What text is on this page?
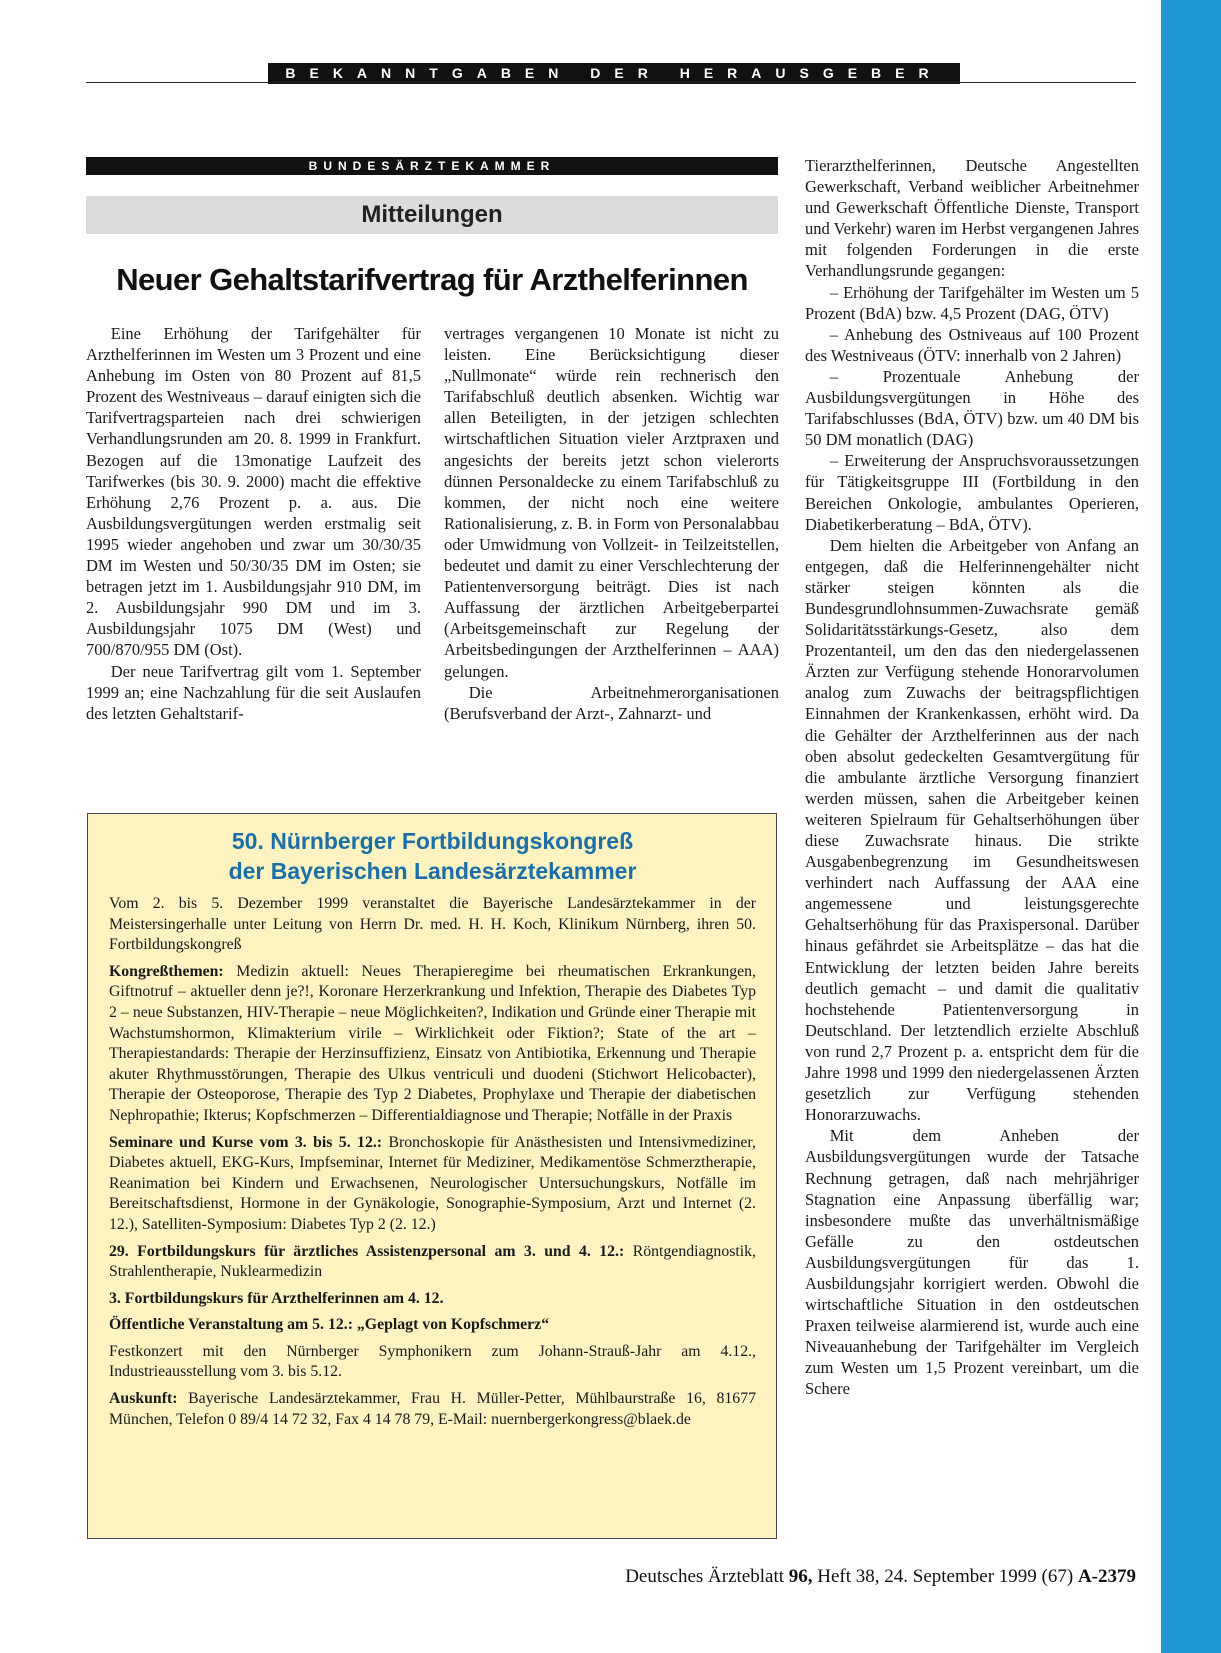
BEKANNTGABEN DER HERAUSGEBER
BUNDESÄRZTEKAMMER
Mitteilungen
Neuer Gehaltstarifvertrag für Arzthelferinnen

Eine Erhöhung der Tarifgehälter für Arzthelferinnen im Westen um 3 Prozent und eine Anhebung im Osten von 80 Prozent auf 81,5 Prozent des Westniveaus – darauf einigten sich die Tarifvertragsparteien nach drei schwierigen Verhandlungsrunden am 20. 8. 1999 in Frankfurt. Bezogen auf die 13monatige Laufzeit des Tarifwerkes (bis 30. 9. 2000) macht die effektive Erhöhung 2,76 Prozent p. a. aus. Die Ausbildungsvergütungen werden erstmalig seit 1995 wieder angehoben und zwar um 30/30/35 DM im Westen und 50/30/35 DM im Osten; sie betragen jetzt im 1. Ausbildungsjahr 910 DM, im 2. Ausbildungsjahr 990 DM und im 3. Ausbildungsjahr 1075 DM (West) und 700/870/955 DM (Ost).

Der neue Tarifvertrag gilt vom 1. September 1999 an; eine Nachzahlung für die seit Auslaufen des letzten Gehaltstarif-

vertrages vergangenen 10 Monate ist nicht zu leisten. Eine Berücksichtigung dieser „Nullmonate“ würde rein rechnerisch den Tarifabschluß deutlich absenken. Wichtig war allen Beteiligten, in der jetzigen schlechten wirtschaftlichen Situation vieler Arztpraxen und angesichts der bereits jetzt schon vielerorts dünnen Personaldecke zu einem Tarifabschluß zu kommen, der nicht noch eine weitere Rationalisierung, z. B. in Form von Personalabbau oder Umwidmung von Vollzeit- in Teilzeitstellen, bedeutet und damit zu einer Verschlechterung der Patientenversorgung beiträgt. Dies ist nach Auffassung der ärztlichen Arbeitgeberpartei (Arbeitsgemeinschaft zur Regelung der Arbeitsbedingungen der Arzthelferinnen – AAA) gelungen.

Die Arbeitnehmerorganisationen (Berufsverband der Arzt-, Zahnarzt- und

Tierarzthelferinnen, Deutsche Angestellten Gewerkschaft, Verband weiblicher Arbeitnehmer und Gewerkschaft Öffentliche Dienste, Transport und Verkehr) waren im Herbst vergangenen Jahres mit folgenden Forderungen in die erste Verhandlungsrunde gegangen:

– Erhöhung der Tarifgehälter im Westen um 5 Prozent (BdA) bzw. 4,5 Prozent (DAG, ÖTV)

– Anhebung des Ostniveaus auf 100 Prozent des Westniveaus (ÖTV: innerhalb von 2 Jahren)

– Prozentuale Anhebung der Ausbildungsvergütungen in Höhe des Tarifabschlusses (BdA, ÖTV) bzw. um 40 DM bis 50 DM monatlich (DAG)

– Erweiterung der Anspruchsvoraussetzungen für Tätigkeitsgruppe III (Fortbildung in den Bereichen Onkologie, ambulantes Operieren, Diabetikerberatung – BdA, ÖTV).

Dem hielten die Arbeitgeber von Anfang an entgegen, daß die Helferinnengehälter nicht stärker steigen könnten als die Bundesgrundlohnsummen-Zuwachsrate gemäß Solidaritätsstärkungs-Gesetz, also dem Prozentanteil, um den das den niedergelassenen Ärzten zur Verfügung stehende Honorarvolumen analog zum Zuwachs der beitragspflichtigen Einnahmen der Krankenkassen, erhöht wird. Da die Gehälter der Arzthelferinnen aus der nach oben absolut gedeckelten Gesamtvergütung für die ambulante ärztliche Versorgung finanziert werden müssen, sahen die Arbeitgeber keinen weiteren Spielraum für Gehaltserhöhungen über diese Zuwachsrate hinaus. Die strikte Ausgabenbegrenzung im Gesundheitswesen verhindert nach Auffassung der AAA eine angemessene und leistungsgerechte Gehaltserhöhung für das Praxispersonal. Darüber hinaus gefährdet sie Arbeitsplätze – das hat die Entwicklung der letzten beiden Jahre bereits deutlich gemacht – und damit die qualitativ hochstehende Patientenversorgung in Deutschland. Der letztendlich erzielte Abschluß von rund 2,7 Prozent p. a. entspricht dem für die Jahre 1998 und 1999 den niedergelassenen Ärzten gesetzlich zur Verfügung stehenden Honorarzuwachs.

Mit dem Anheben der Ausbildungsvergütungen wurde der Tatsache Rechnung getragen, daß nach mehrjähriger Stagnation eine Anpassung überfällig war; insbesondere mußte das unverhältnismäßige Gefälle zu den ostdeutschen Ausbildungsvergütungen für das 1. Ausbildungsjahr korrigiert werden. Obwohl die wirtschaftliche Situation in den ostdeutschen Praxen teilweise alarmierend ist, wurde auch eine Niveauanhebung der Tarifgehälter im Vergleich zum Westen um 1,5 Prozent vereinbart, um die Schere

50. Nürnberger Fortbildungskongreß
der Bayerischen Landesärztekammer

Vom 2. bis 5. Dezember 1999 veranstaltet die Bayerische Landesärztekammer in der Meistersingerhalle unter Leitung von Herrn Dr. med. H. H. Koch, Klinikum Nürnberg, ihren 50. Fortbildungskongreß

Kongreßthemen: Medizin aktuell: Neues Therapieregime bei rheumatischen Erkrankungen, Giftnotruf – aktueller denn je?!, Koronare Herzerkrankung und Infektion, Therapie des Diabetes Typ 2 – neue Substanzen, HIV-Therapie – neue Möglichkeiten?, Indikation und Gründe einer Therapie mit Wachstumshormon, Klimakterium virile – Wirklichkeit oder Fiktion?; State of the art – Therapiestandards: Therapie der Herzinsuffizienz, Einsatz von Antibiotika, Erkennung und Therapie akuter Rhythmusstörungen, Therapie des Ulkus ventriculi und duodeni (Stichwort Helicobacter), Therapie der Osteoporose, Therapie des Typ 2 Diabetes, Prophylaxe und Therapie der diabetischen Nephropathie; Ikterus; Kopfschmerzen – Differentialdiagnose und Therapie; Notfälle in der Praxis

Seminare und Kurse vom 3. bis 5. 12.: Bronchoskopie für Anästhesisten und Intensivmediziner, Diabetes aktuell, EKG-Kurs, Impfseminar, Internet für Mediziner, Medikamentöse Schmerztherapie, Reanimation bei Kindern und Erwachsenen, Neurologischer Untersuchungskurs, Notfälle im Bereitschaftsdienst, Hormone in der Gynäkologie, Sonographie-Symposium, Arzt und Internet (2. 12.), Satelliten-Symposium: Diabetes Typ 2 (2. 12.)

29. Fortbildungskurs für ärztliches Assistenzpersonal am 3. und 4. 12.: Röntgendiagnostik, Strahlentherapie, Nuklearmedizin

3. Fortbildungskurs für Arzthelferinnen am 4. 12.

Öffentliche Veranstaltung am 5. 12.: „Geplagt von Kopfschmerz“

Festkonzert mit den Nürnberger Symphonikern zum Johann-Strauß-Jahr am 4.12., Industrieausstellung vom 3. bis 5.12.

Auskunft: Bayerische Landesärztekammer, Frau H. Müller-Petter, Mühlbaurstraße 16, 81677 München, Telefon 0 89/4 14 72 32, Fax 4 14 78 79, E-Mail: nuernbergerkongress@blaek.de

Deutsches Ärzteblatt 96, Heft 38, 24. September 1999 (67) A-2379
